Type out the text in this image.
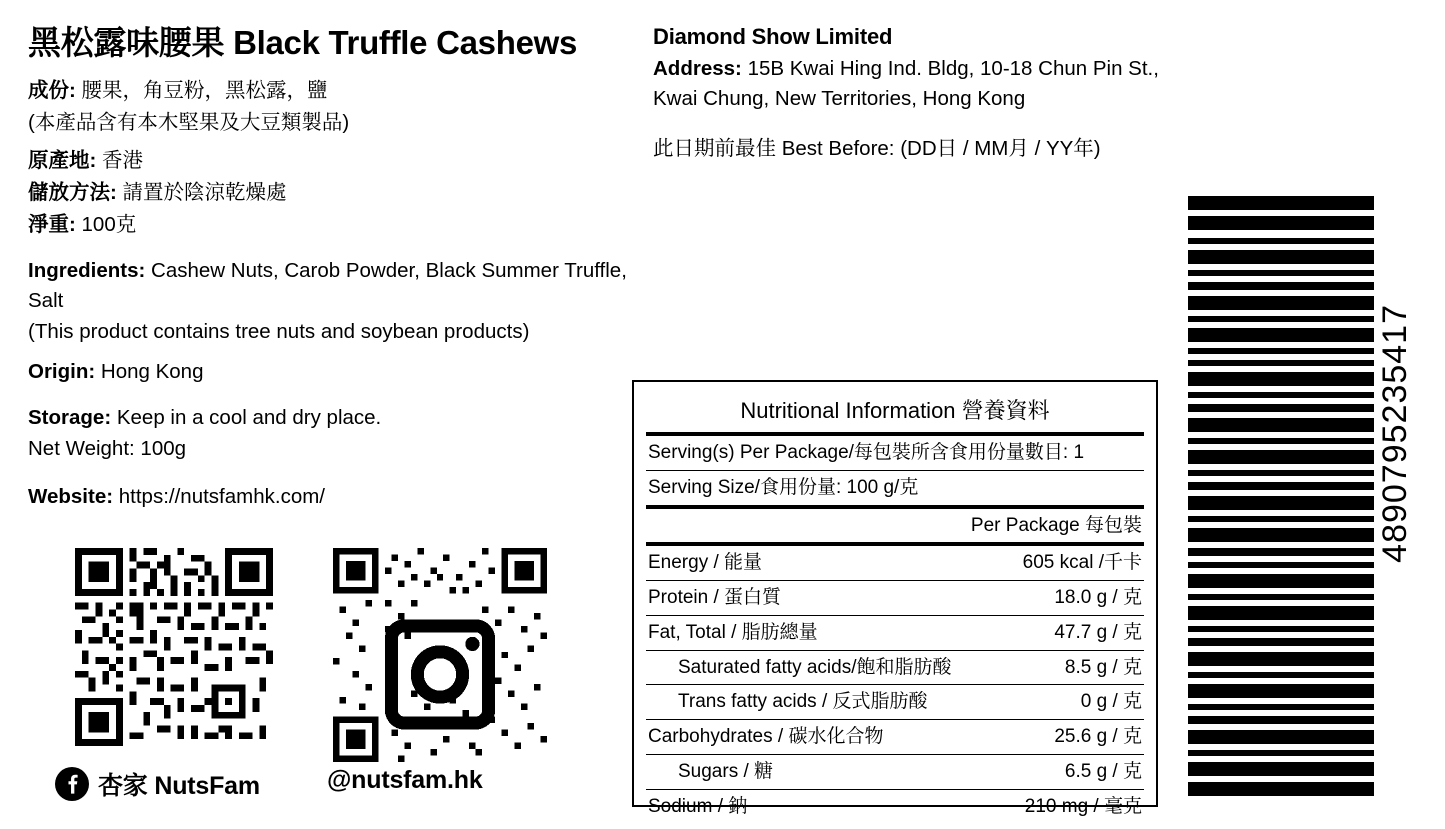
黑松露味腰果 Black Truffle Cashews
成份: 腰果，角豆粉，黑松露，鹽
(本產品含有本木堅果及大豆類製品)
原產地: 香港
儲放方法: 請置於陰涼乾燥處
淨重: 100克
Ingredients: Cashew Nuts, Carob Powder, Black Summer Truffle, Salt
(This product contains tree nuts and soybean products)
Origin: Hong Kong
Storage: Keep in a cool and dry place.
Net Weight: 100g
Website: https://nutsfamhk.com/
杏家 NutsFam	@nutsfam.hk
Diamond Show Limited
Address: 15B Kwai Hing Ind. Bldg, 10-18 Chun Pin St.,
Kwai Chung, New Territories, Hong Kong
此日期前最佳 Best Before: (DD日 / MM月 / YY年)
Nutritional Information 營養資料
Serving(s) Per Package/每包裝所含食用份量數目: 1
Serving Size/食用份量: 100 g/克
Per Package 每包裝
Energy / 能量	605 kcal /千卡
Protein / 蛋白質	18.0 g / 克
Fat, Total / 脂肪總量	47.7 g / 克
Saturated fatty acids/飽和脂肪酸	8.5 g / 克
Trans fatty acids / 反式脂肪酸	0 g / 克
Carbohydrates / 碳水化合物	25.6 g / 克
Sugars / 糖	6.5 g / 克
Sodium / 鈉	210 mg / 毫克
4890795235417
